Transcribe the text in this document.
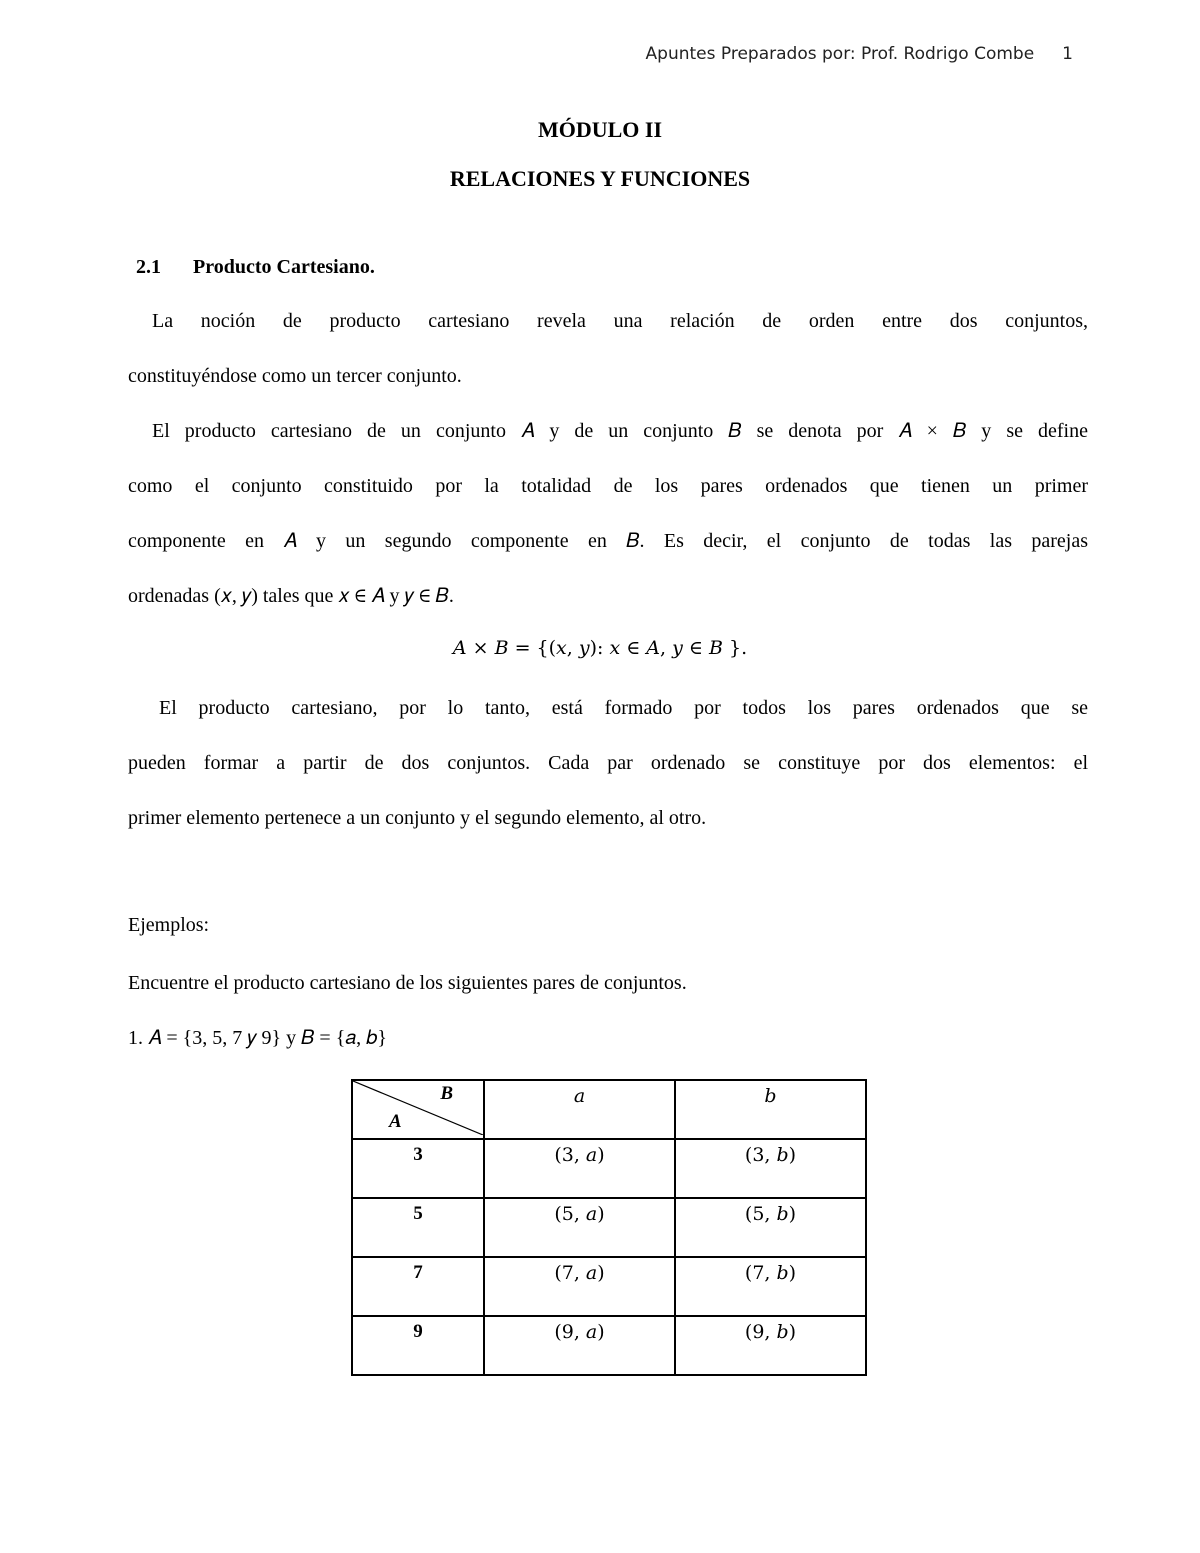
Apuntes Preparados por: Prof. Rodrigo Combe 1
MÓDULO II
RELACIONES Y FUNCIONES
2.1 Producto Cartesiano.
La noción de producto cartesiano revela una relación de orden entre dos conjuntos,
constituyéndose como un tercer conjunto.
El producto cartesiano de un conjunto 𝐴 y de un conjunto 𝐵 se denota por 𝐴 × 𝐵 y se define
como el conjunto constituido por la totalidad de los pares ordenados que tienen un primer
componente en 𝐴 y un segundo componente en 𝐵. Es decir, el conjunto de todas las parejas
ordenadas (𝑥, 𝑦) tales que 𝑥 ∈ 𝐴 y 𝑦 ∈ 𝐵.
𝐴 × 𝐵 = {(𝑥, 𝑦): 𝑥 ∈ 𝐴, 𝑦 ∈ 𝐵 }.
El producto cartesiano, por lo tanto, está formado por todos los pares ordenados que se
pueden formar a partir de dos conjuntos. Cada par ordenado se constituye por dos elementos: el
primer elemento pertenece a un conjunto y el segundo elemento, al otro.
Ejemplos:
Encuentre el producto cartesiano de los siguientes pares de conjuntos.
1. 𝐴 = {3, 5, 7 𝑦 9} y 𝐵 = {𝑎, 𝑏}
B
A	a	b
3	(3, 𝑎)	(3, 𝑏)
5	(5, 𝑎)	(5, 𝑏)
7	(7, 𝑎)	(7, 𝑏)
9	(9, 𝑎)	(9, 𝑏)
